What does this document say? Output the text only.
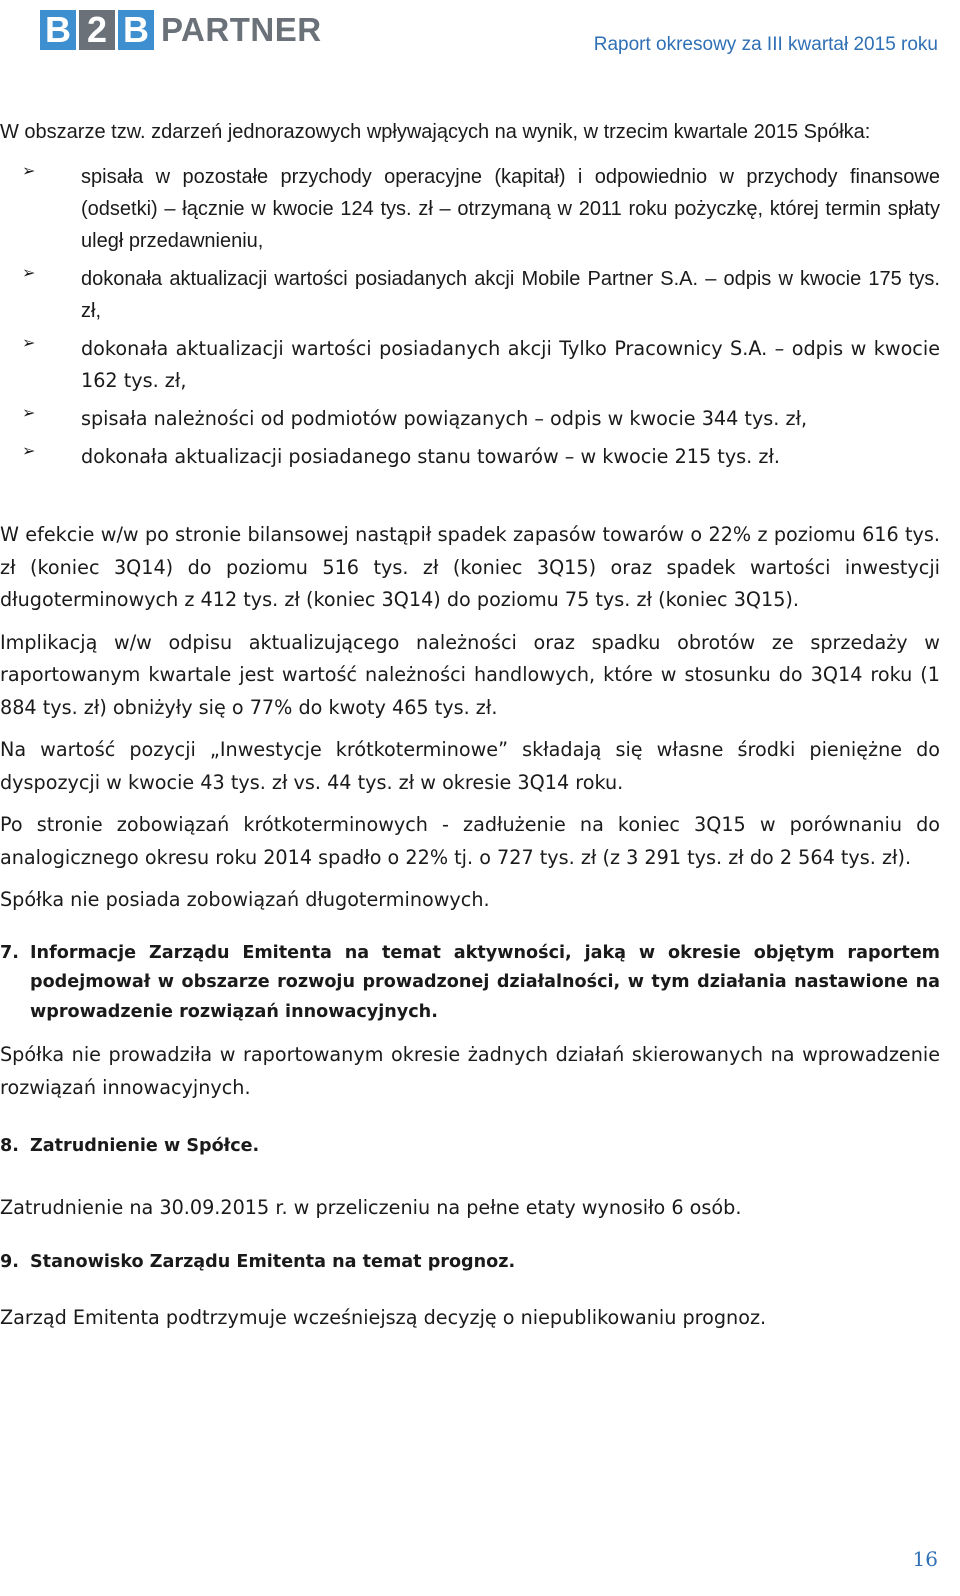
B 2 B PARTNER	Raport okresowy za III kwartał 2015 roku

W obszarze tzw. zdarzeń jednorazowych wpływających na wynik, w trzecim kwartale 2015 Spółka:

➢ spisała w pozostałe przychody operacyjne (kapitał) i odpowiednio w przychody finansowe (odsetki) – łącznie w kwocie 124 tys. zł – otrzymaną w 2011 roku pożyczkę, której termin spłaty uległ przedawnieniu,
➢ dokonała aktualizacji wartości posiadanych akcji Mobile Partner S.A. – odpis w kwocie 175 tys. zł,
➢ dokonała aktualizacji wartości posiadanych akcji Tylko Pracownicy S.A. – odpis w kwocie 162 tys. zł,
➢ spisała należności od podmiotów powiązanych – odpis w kwocie 344 tys. zł,
➢ dokonała aktualizacji posiadanego stanu towarów – w kwocie 215 tys. zł.

W efekcie w/w po stronie bilansowej nastąpił spadek zapasów towarów o 22% z poziomu 616 tys. zł (koniec 3Q14) do poziomu 516 tys. zł (koniec 3Q15) oraz spadek wartości inwestycji długoterminowych z 412 tys. zł (koniec 3Q14) do poziomu 75 tys. zł (koniec 3Q15).

Implikacją w/w odpisu aktualizującego należności oraz spadku obrotów ze sprzedaży w raportowanym kwartale jest wartość należności handlowych, które w stosunku do 3Q14 roku (1 884 tys. zł) obniżyły się o 77% do kwoty 465 tys. zł.

Na wartość pozycji „Inwestycje krótkoterminowe” składają się własne środki pieniężne do dyspozycji w kwocie 43 tys. zł vs. 44 tys. zł w okresie 3Q14 roku.

Po stronie zobowiązań krótkoterminowych - zadłużenie na koniec 3Q15 w porównaniu do analogicznego okresu roku 2014 spadło o 22% tj. o 727 tys. zł (z 3 291 tys. zł do 2 564 tys. zł).

Spółka nie posiada zobowiązań długoterminowych.

7. Informacje Zarządu Emitenta na temat aktywności, jaką w okresie objętym raportem podejmował w obszarze rozwoju prowadzonej działalności, w tym działania nastawione na wprowadzenie rozwiązań innowacyjnych.

Spółka nie prowadziła w raportowanym okresie żadnych działań skierowanych na wprowadzenie rozwiązań innowacyjnych.

8. Zatrudnienie w Spółce.

Zatrudnienie na 30.09.2015 r. w przeliczeniu na pełne etaty wynosiło 6 osób.

9. Stanowisko Zarządu Emitenta na temat prognoz.

Zarząd Emitenta podtrzymuje wcześniejszą decyzję o niepublikowaniu prognoz.

16
